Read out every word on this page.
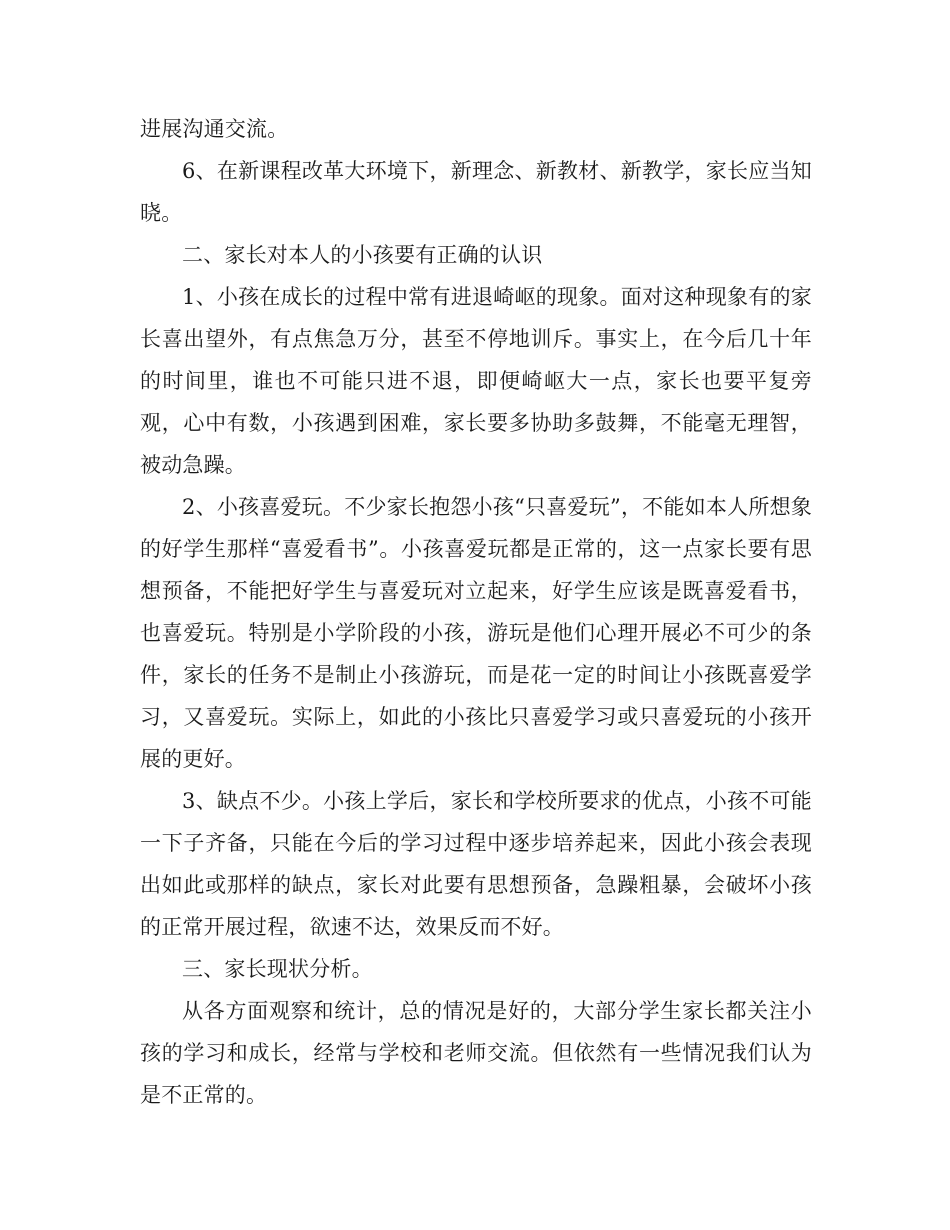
进展沟通交流。

6、在新课程改革大环境下，新理念、新教材、新教学，家长应当知晓。

二、家长对本人的小孩要有正确的认识

1、小孩在成长的过程中常有进退崎岖的现象。面对这种现象有的家长喜出望外，有点焦急万分，甚至不停地训斥。事实上，在今后几十年的时间里，谁也不可能只进不退，即便崎岖大一点，家长也要平复旁观，心中有数，小孩遇到困难，家长要多协助多鼓舞，不能毫无理智，被动急躁。

2、小孩喜爱玩。不少家长抱怨小孩“只喜爱玩”，不能如本人所想象的好学生那样“喜爱看书”。小孩喜爱玩都是正常的，这一点家长要有思想预备，不能把好学生与喜爱玩对立起来，好学生应该是既喜爱看书，也喜爱玩。特别是小学阶段的小孩，游玩是他们心理开展必不可少的条件，家长的任务不是制止小孩游玩，而是花一定的时间让小孩既喜爱学习，又喜爱玩。实际上，如此的小孩比只喜爱学习或只喜爱玩的小孩开展的更好。

3、缺点不少。小孩上学后，家长和学校所要求的优点，小孩不可能一下子齐备，只能在今后的学习过程中逐步培养起来，因此小孩会表现出如此或那样的缺点，家长对此要有思想预备，急躁粗暴，会破坏小孩的正常开展过程，欲速不达，效果反而不好。

三、家长现状分析。

从各方面观察和统计，总的情况是好的，大部分学生家长都关注小孩的学习和成长，经常与学校和老师交流。但依然有一些情况我们认为是不正常的。
